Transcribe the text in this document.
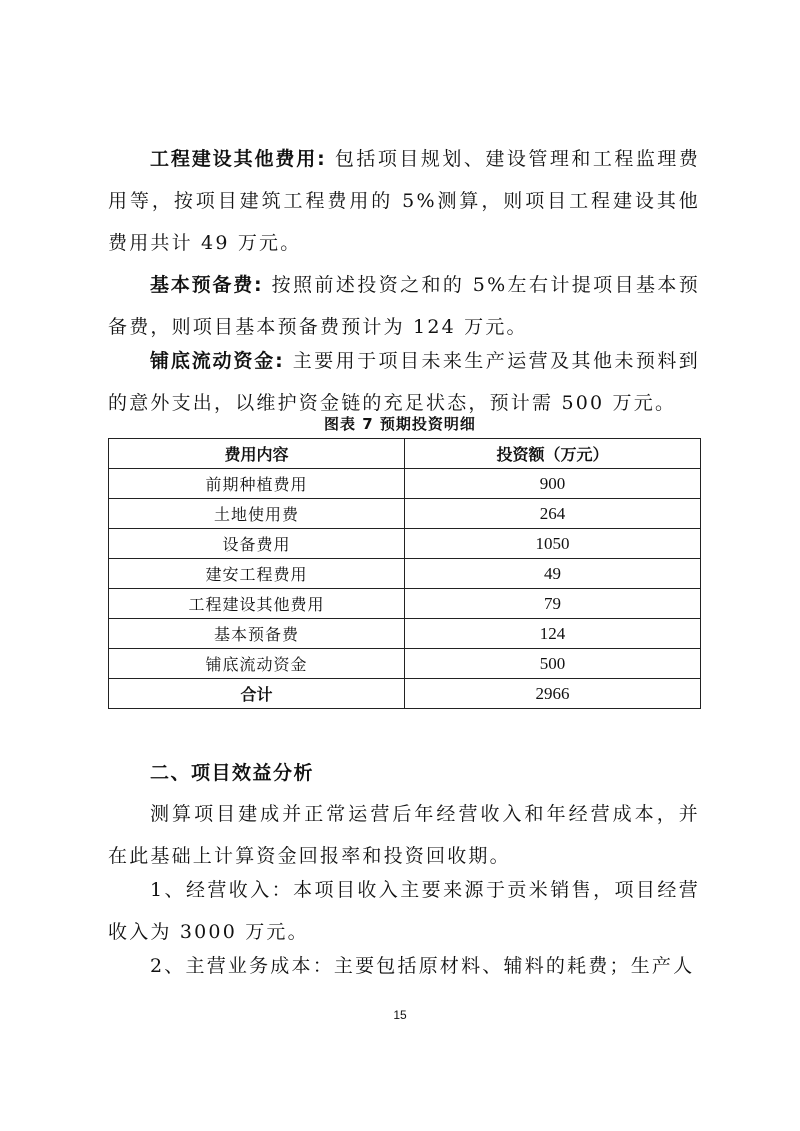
工程建设其他费用: 包括项目规划、建设管理和工程监理费用等，按项目建筑工程费用的 5%测算，则项目工程建设其他费用共计 49 万元。

基本预备费: 按照前述投资之和的 5%左右计提项目基本预备费，则项目基本预备费预计为 124 万元。

铺底流动资金: 主要用于项目未来生产运营及其他未预料到的意外支出，以维护资金链的充足状态，预计需 500 万元。

图表 7 预期投资明细
费用内容	投资额（万元）
前期种植费用	900
土地使用费	264
设备费用	1050
建安工程费用	49
工程建设其他费用	79
基本预备费	124
铺底流动资金	500
合计	2966
二、项目效益分析

测算项目建成并正常运营后年经营收入和年经营成本，并在此基础上计算资金回报率和投资回收期。

1、经营收入：本项目收入主要来源于贡米销售，项目经营收入为 3000 万元。

2、主营业务成本：主要包括原材料、辅料的耗费；生产人

15
